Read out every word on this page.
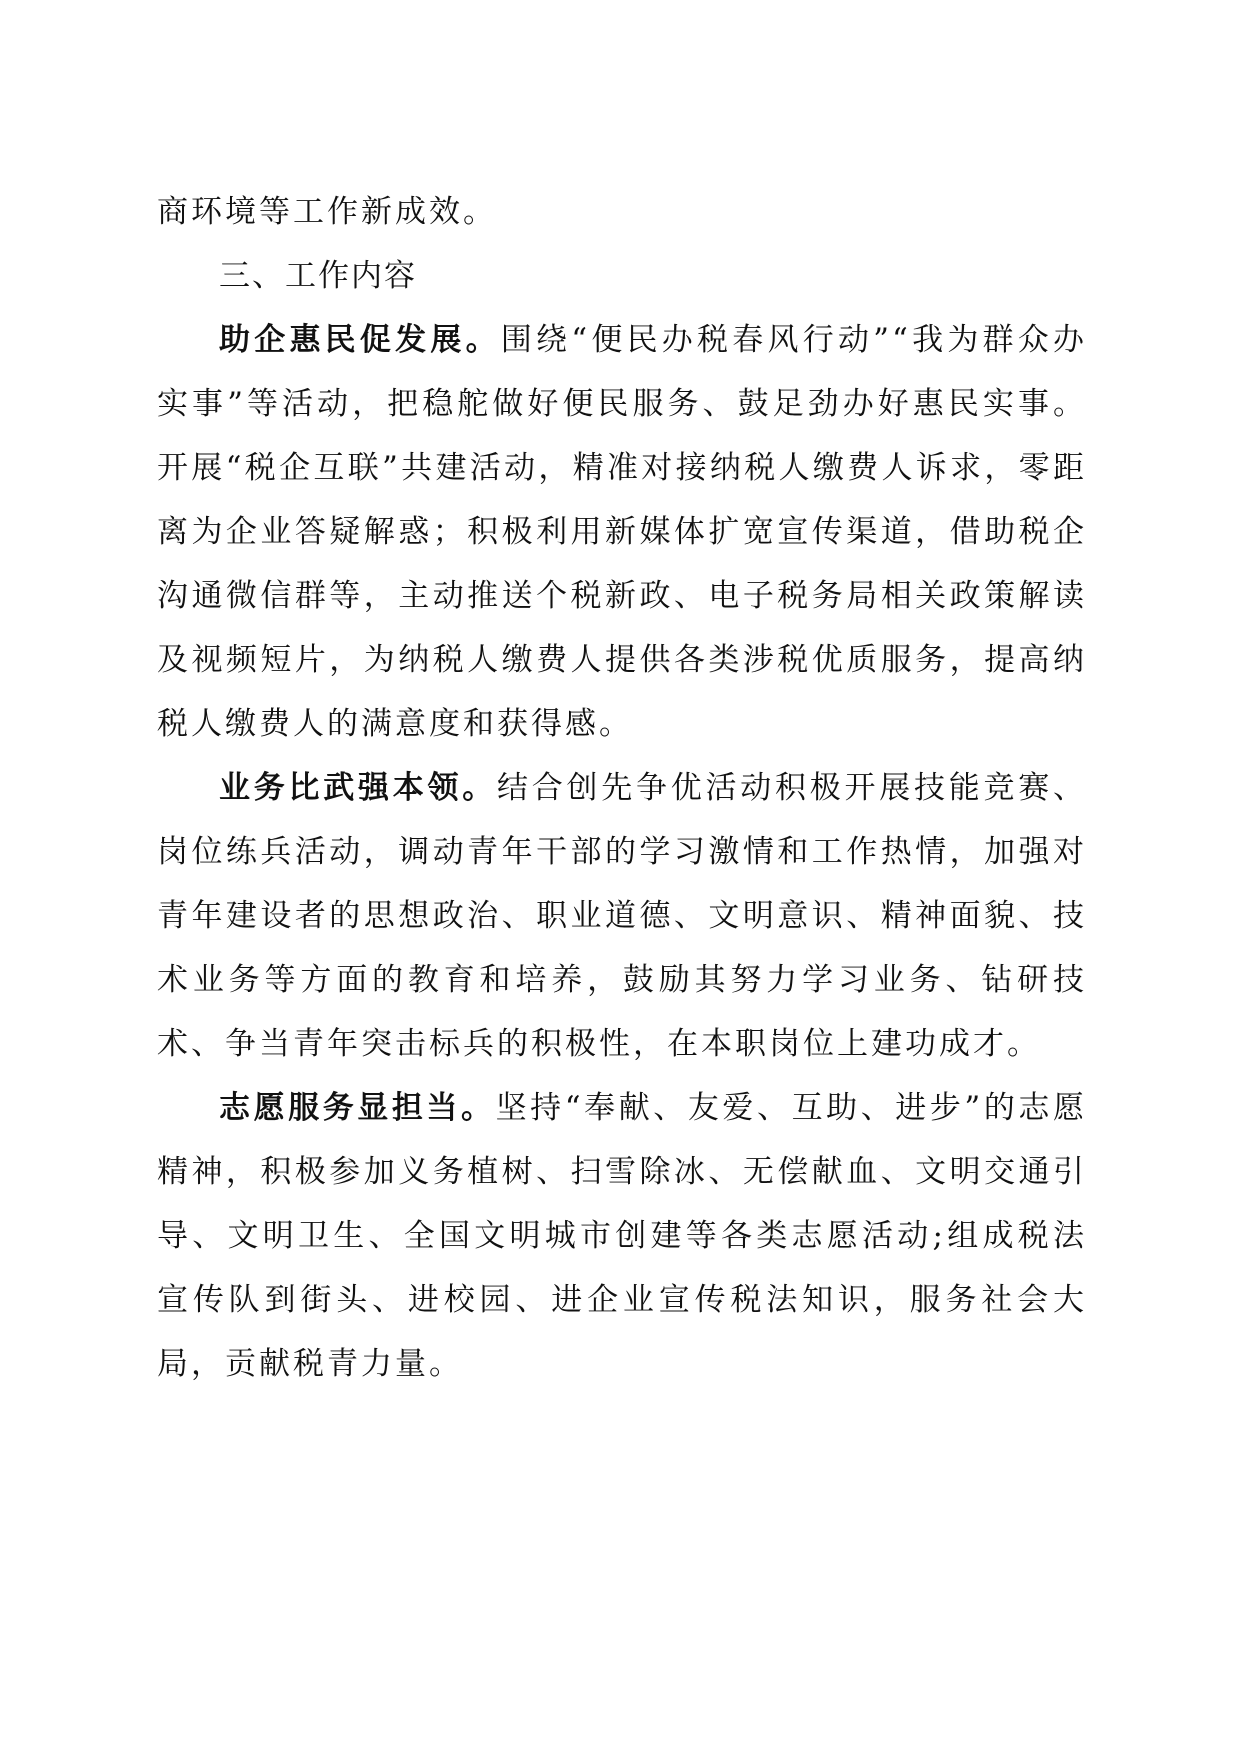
商环境等工作新成效。

三、工作内容

助企惠民促发展。围绕“便民办税春风行动”“我为群众办实事”等活动，把稳舵做好便民服务、鼓足劲办好惠民实事。开展“税企互联”共建活动，精准对接纳税人缴费人诉求，零距离为企业答疑解惑；积极利用新媒体扩宽宣传渠道，借助税企沟通微信群等，主动推送个税新政、电子税务局相关政策解读及视频短片，为纳税人缴费人提供各类涉税优质服务，提高纳税人缴费人的满意度和获得感。

业务比武强本领。结合创先争优活动积极开展技能竞赛、岗位练兵活动，调动青年干部的学习激情和工作热情，加强对青年建设者的思想政治、职业道德、文明意识、精神面貌、技术业务等方面的教育和培养，鼓励其努力学习业务、钻研技术、争当青年突击标兵的积极性，在本职岗位上建功成才。

志愿服务显担当。坚持“奉献、友爱、互助、进步”的志愿精神，积极参加义务植树、扫雪除冰、无偿献血、文明交通引导、文明卫生、全国文明城市创建等各类志愿活动;组成税法宣传队到街头、进校园、进企业宣传税法知识，服务社会大局，贡献税青力量。
